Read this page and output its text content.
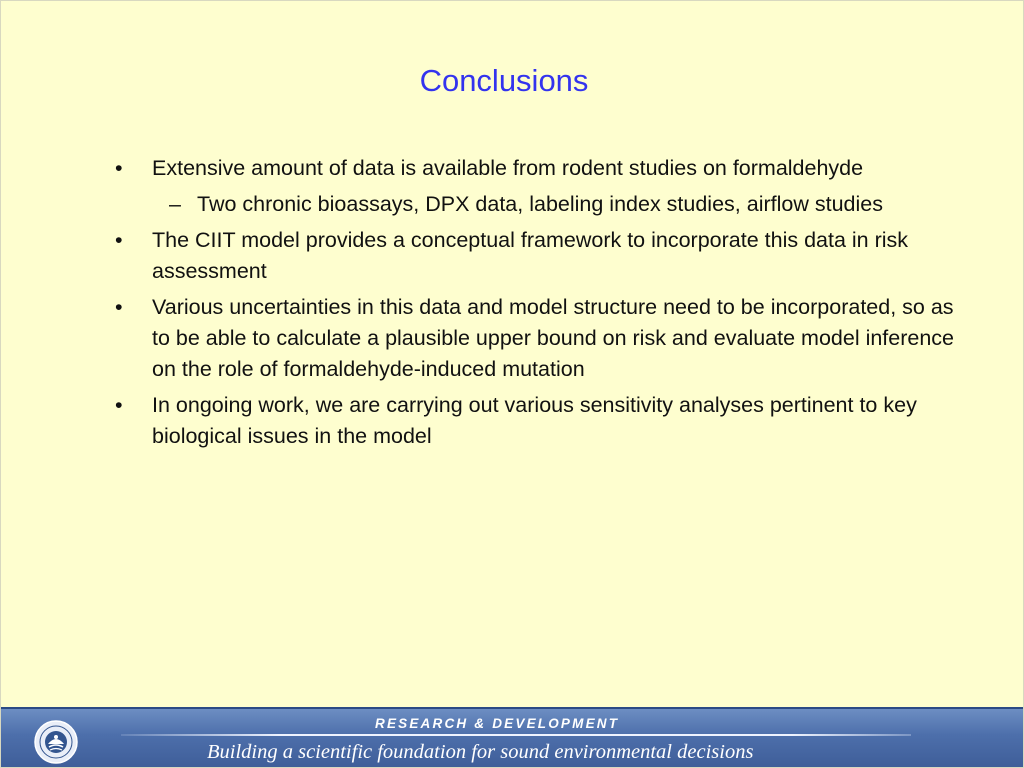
Conclusions
• Extensive amount of data is available from rodent studies on formaldehyde
– Two chronic bioassays, DPX data, labeling index studies, airflow studies
• The CIIT model provides a conceptual framework to incorporate this data in risk assessment
• Various uncertainties in this data and model structure need to be incorporated, so as to be able to calculate a plausible upper bound on risk and evaluate model inference on the role of formaldehyde-induced mutation
• In ongoing work, we are carrying out various sensitivity analyses pertinent to key biological issues in the model
RESEARCH & DEVELOPMENT
Building a scientific foundation for sound environmental decisions
